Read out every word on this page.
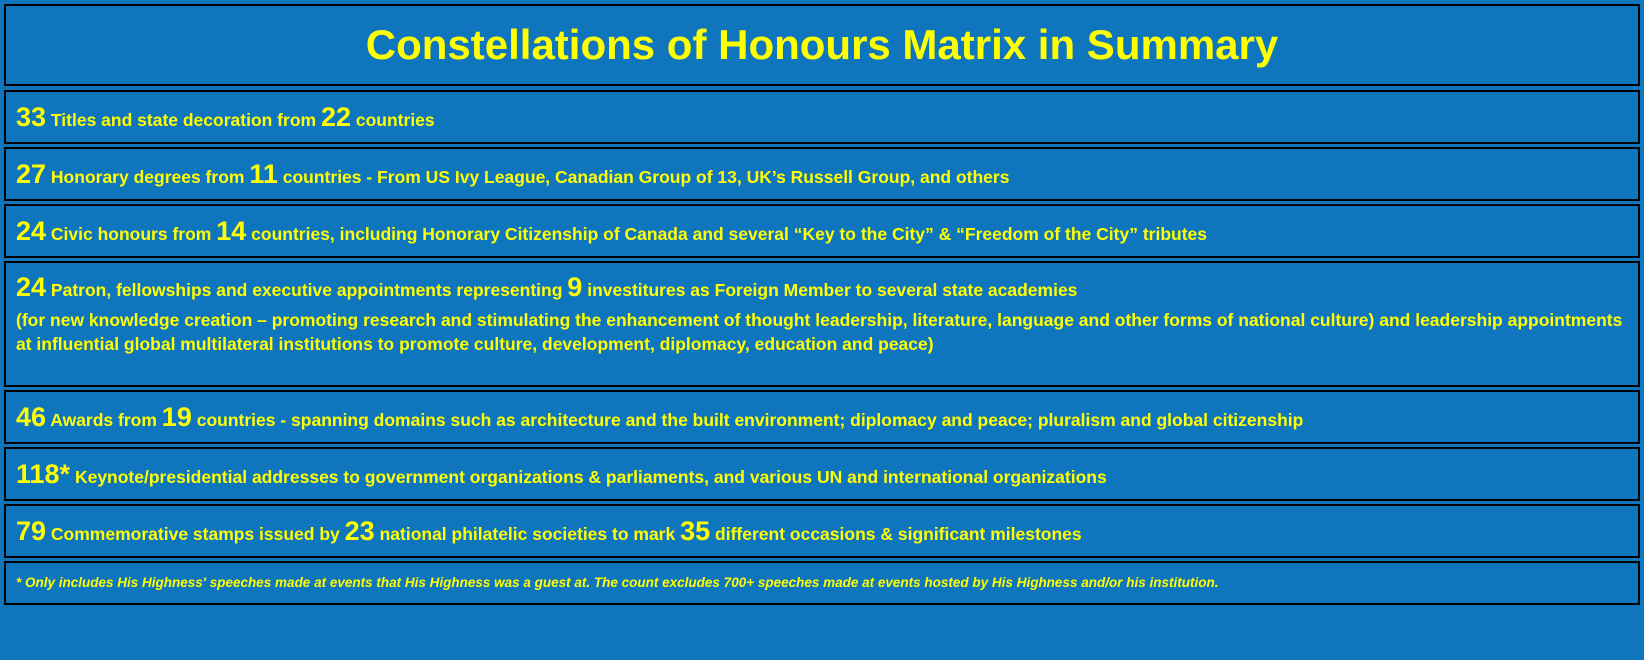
Constellations of Honours Matrix in Summary
33 Titles and state decoration from 22 countries
27 Honorary degrees from 11 countries - From US Ivy League, Canadian Group of 13, UK’s Russell Group, and others
24 Civic honours from 14 countries, including Honorary Citizenship of Canada and several “Key to the City” & “Freedom of the City” tributes
24 Patron, fellowships and executive appointments representing 9 investitures as Foreign Member to several state academies
(for new knowledge creation – promoting research and stimulating the enhancement of thought leadership, literature, language and other forms of national culture) and leadership appointments at influential global multilateral institutions to promote culture, development, diplomacy, education and peace)
46 Awards from 19 countries - spanning domains such as architecture and the built environment; diplomacy and peace; pluralism and global citizenship
118* Keynote/presidential addresses to government organizations & parliaments, and various UN and international organizations
79 Commemorative stamps issued by 23 national philatelic societies to mark 35 different occasions & significant milestones
* Only includes His Highness' speeches made at events that His Highness was a guest at. The count excludes 700+ speeches made at events hosted by His Highness and/or his institution.
